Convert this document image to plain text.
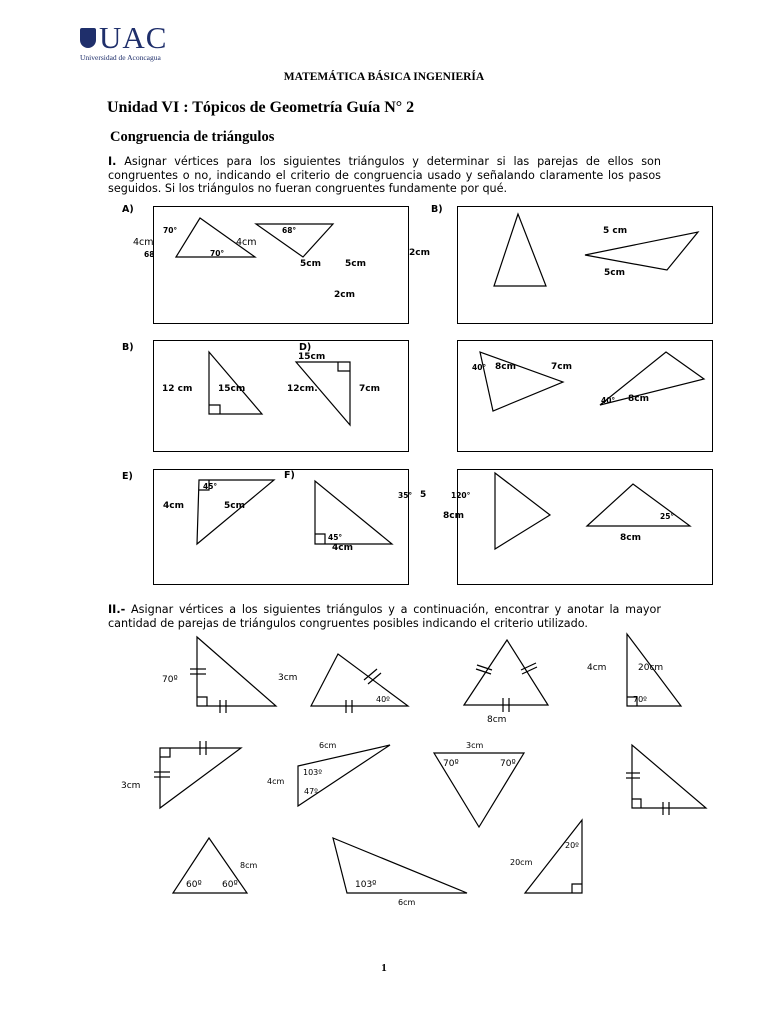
UAC
Universidad de Aconcagua
MATEMÁTICA BÁSICA INGENIERÍA
Unidad VI : Tópicos de Geometría Guía N° 2
Congruencia de triángulos
I. Asignar vértices para los siguientes triángulos y determinar si las parejas de ellos son congruentes o no, indicando el criterio de congruencia usado y señalando claramente los pasos seguidos. Si los triángulos no fueran congruentes fundamente por qué.
A)	B)
70°	68°
4cm	4cm
68	70°
5cm	5cm
2cm
2cm
5 cm
5cm
B)	D)
15cm
12 cm	15cm	12cm.	7cm
40° 8cm	7cm
40° 8cm
E)	F)
45°
4cm	5cm
45°
4cm
35° 5	120°
8cm	25°
8cm
II.- Asignar vértices a los siguientes triángulos y a continuación, encontrar y anotar la mayor cantidad de parejas de triángulos congruentes posibles indicando el criterio utilizado.
70º	3cm
40º
8cm
4cm	20cm
70º
6cm
3cm	4cm
103º
47º
3cm
70º	70º
8cm
60º 60º	103º
6cm
20cm
20º
1
